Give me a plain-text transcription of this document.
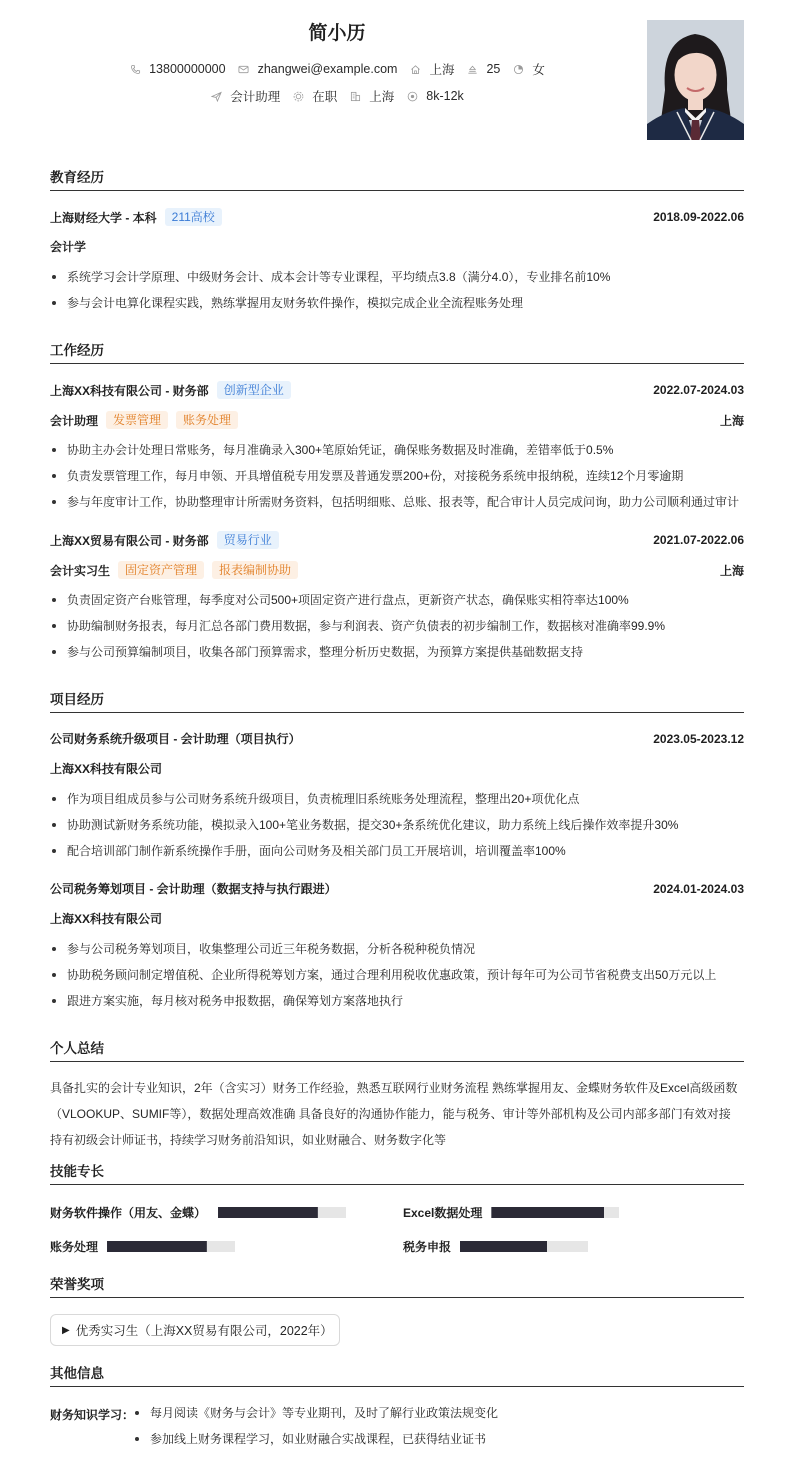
简小历
13800000000	zhangwei@example.com	上海	25	女
会计助理	在职	上海	8k-12k
教育经历
上海财经大学 - 本科	211高校	2018.09-2022.06
会计学
系统学习会计学原理、中级财务会计、成本会计等专业课程，平均绩点3.8（满分4.0），专业排名前10%
参与会计电算化课程实践，熟练掌握用友财务软件操作，模拟完成企业全流程账务处理
工作经历
上海XX科技有限公司 - 财务部	创新型企业	2022.07-2024.03
会计助理	发票管理	账务处理	上海
协助主办会计处理日常账务，每月准确录入300+笔原始凭证，确保账务数据及时准确，差错率低于0.5%
负责发票管理工作，每月申领、开具增值税专用发票及普通发票200+份，对接税务系统申报纳税，连续12个月零逾期
参与年度审计工作，协助整理审计所需财务资料，包括明细账、总账、报表等，配合审计人员完成问询，助力公司顺利通过审计
上海XX贸易有限公司 - 财务部	贸易行业	2021.07-2022.06
会计实习生	固定资产管理	报表编制协助	上海
负责固定资产台账管理，每季度对公司500+项固定资产进行盘点，更新资产状态，确保账实相符率达100%
协助编制财务报表，每月汇总各部门费用数据，参与利润表、资产负债表的初步编制工作，数据核对准确率99.9%
参与公司预算编制项目，收集各部门预算需求，整理分析历史数据，为预算方案提供基础数据支持
项目经历
公司财务系统升级项目 - 会计助理（项目执行）	2023.05-2023.12
上海XX科技有限公司
作为项目组成员参与公司财务系统升级项目，负责梳理旧系统账务处理流程，整理出20+项优化点
协助测试新财务系统功能，模拟录入100+笔业务数据，提交30+条系统优化建议，助力系统上线后操作效率提升30%
配合培训部门制作新系统操作手册，面向公司财务及相关部门员工开展培训，培训覆盖率100%
公司税务筹划项目 - 会计助理（数据支持与执行跟进）	2024.01-2024.03
上海XX科技有限公司
参与公司税务筹划项目，收集整理公司近三年税务数据，分析各税种税负情况
协助税务顾问制定增值税、企业所得税筹划方案，通过合理利用税收优惠政策，预计每年可为公司节省税费支出50万元以上
跟进方案实施，每月核对税务申报数据，确保筹划方案落地执行
个人总结
具备扎实的会计专业知识，2年（含实习）财务工作经验，熟悉互联网行业财务流程 熟练掌握用友、金蝶财务软件及Excel高级函数
（VLOOKUP、SUMIF等），数据处理高效准确 具备良好的沟通协作能力，能与税务、审计等外部机构及公司内部多部门有效对接
持有初级会计师证书，持续学习财务前沿知识，如业财融合、财务数字化等
技能专长
财务软件操作（用友、金蝶）	Excel数据处理
账务处理	税务申报
荣誉奖项
▶ 优秀实习生（上海XX贸易有限公司，2022年）
其他信息
财务知识学习：	每月阅读《财务与会计》等专业期刊，及时了解行业政策法规变化
参加线上财务课程学习，如业财融合实战课程，已获得结业证书
